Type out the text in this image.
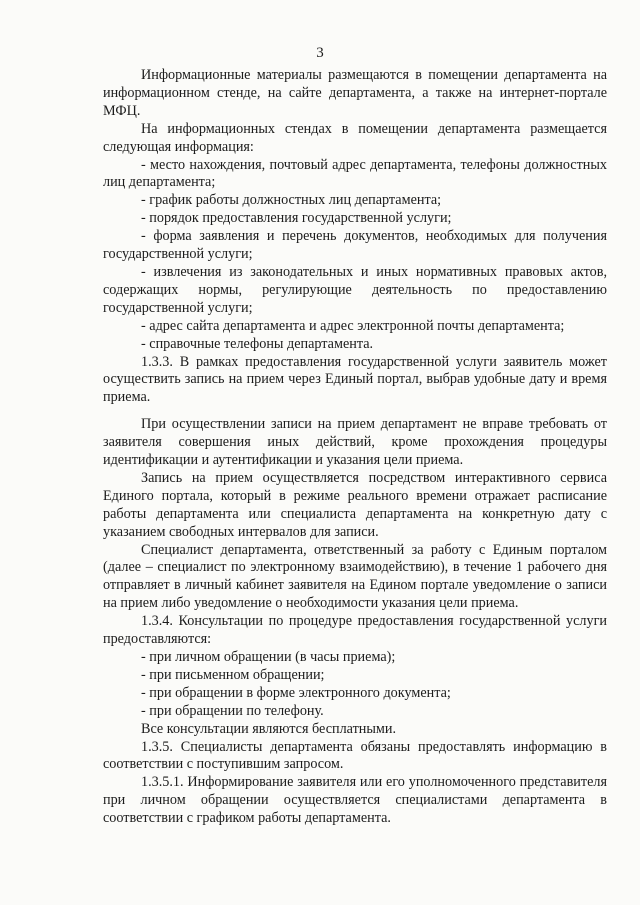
3

Информационные материалы размещаются в помещении департамента на информационном стенде, на сайте департамента, а также на интернет-портале МФЦ.

На информационных стендах в помещении департамента размещается следующая информация:

- место нахождения, почтовый адрес департамента, телефоны должностных лиц департамента;

- график работы должностных лиц департамента;

- порядок предоставления государственной услуги;

- форма заявления и перечень документов, необходимых для получения государственной услуги;

- извлечения из законодательных и иных нормативных правовых актов, содержащих нормы, регулирующие деятельность по предоставлению государственной услуги;

- адрес сайта департамента и адрес электронной почты департамента;

- справочные телефоны департамента.

1.3.3. В рамках предоставления государственной услуги заявитель может осуществить запись на прием через Единый портал, выбрав удобные дату и время приема.

При осуществлении записи на прием департамент не вправе требовать от заявителя совершения иных действий, кроме прохождения процедуры идентификации и аутентификации и указания цели приема.

Запись на прием осуществляется посредством интерактивного сервиса Единого портала, который в режиме реального времени отражает расписание работы департамента или специалиста департамента на конкретную дату с указанием свободных интервалов для записи.

Специалист департамента, ответственный за работу с Единым порталом (далее – специалист по электронному взаимодействию), в течение 1 рабочего дня отправляет в личный кабинет заявителя на Едином портале уведомление о записи на прием либо уведомление о необходимости указания цели приема.

1.3.4. Консультации по процедуре предоставления государственной услуги предоставляются:

- при личном обращении (в часы приема);

- при письменном обращении;

- при обращении в форме электронного документа;

- при обращении по телефону.

Все консультации являются бесплатными.

1.3.5. Специалисты департамента обязаны предоставлять информацию в соответствии с поступившим запросом.

1.3.5.1. Информирование заявителя или его уполномоченного представителя при личном обращении осуществляется специалистами департамента в соответствии с графиком работы департамента.
